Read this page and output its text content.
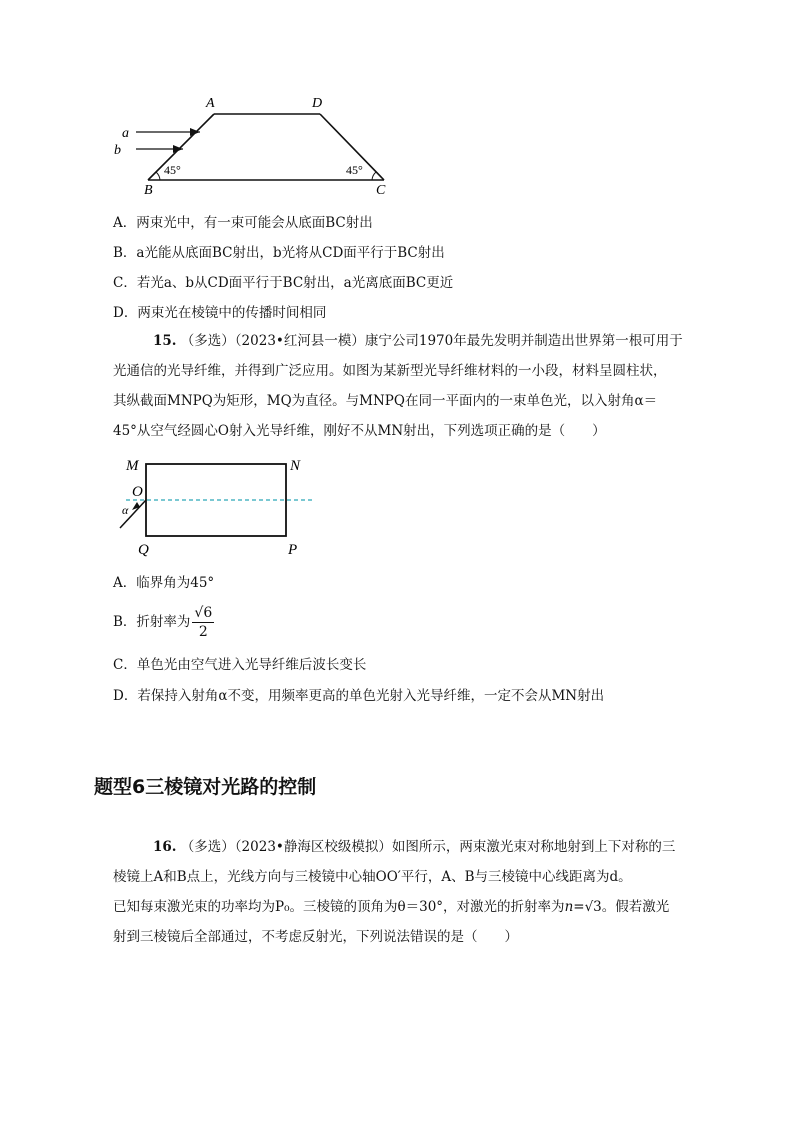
A	D
a
b
45°	45°
B	C
A．两束光中，有一束可能会从底面BC射出
B．a光能从底面BC射出，b光将从CD面平行于BC射出
C．若光a、b从CD面平行于BC射出，a光离底面BC更近
D．两束光在棱镜中的传播时间相同
15. （多选）（2023•红河县一模）康宁公司1970年最先发明并制造出世界第一根可用于
光通信的光导纤维，并得到广泛应用。如图为某新型光导纤维材料的一小段，材料呈圆柱状，
其纵截面MNPQ为矩形，MQ为直径。与MNPQ在同一平面内的一束单色光，以入射角α＝
45°从空气经圆心O射入光导纤维，刚好不从MN射出，下列选项正确的是（　　）
M	N
O
α
Q	P
A．临界角为45°
B．折射率为 $\frac{√6}{2}$
C．单色光由空气进入光导纤维后波长变长
D．若保持入射角α不变，用频率更高的单色光射入光导纤维，一定不会从MN射出
题型6三棱镜对光路的控制
16. （多选）（2023•静海区校级模拟）如图所示，两束激光束对称地射到上下对称的三
棱镜上A和B点上，光线方向与三棱镜中心轴OO′平行，A、B与三棱镜中心线距离为d。
已知每束激光束的功率均为P₀。三棱镜的顶角为θ＝30°，对激光的折射率为n=√3。假若激光
射到三棱镜后全部通过，不考虑反射光，下列说法错误的是（　　）
